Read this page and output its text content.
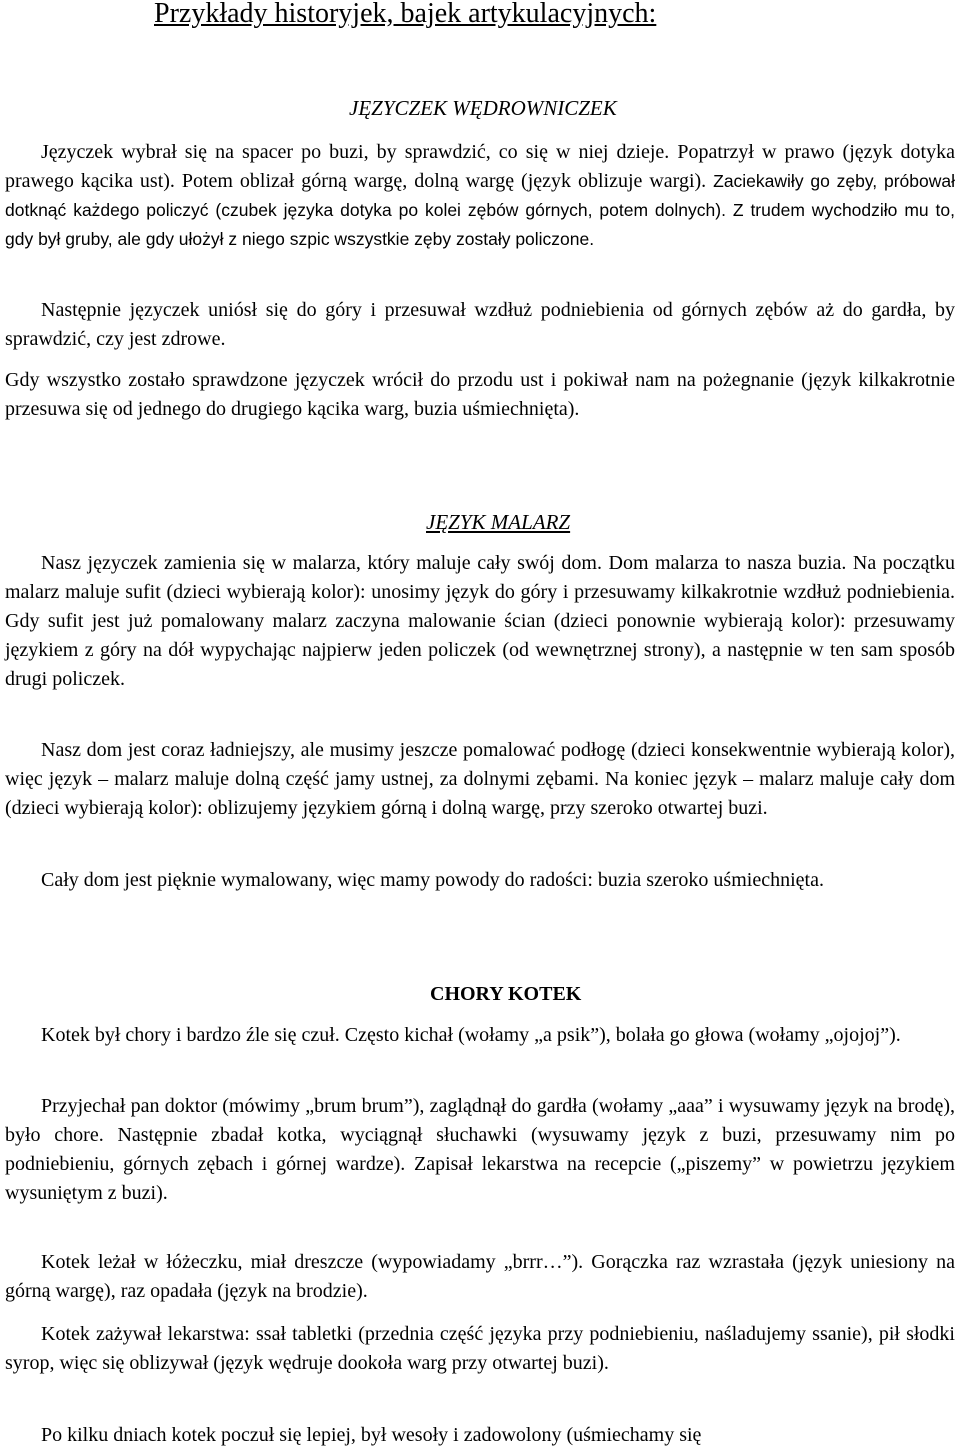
Przykłady historyjek, bajek artykulacyjnych:
JĘZYCZEK WĘDROWNICZEK

Języczek wybrał się na spacer po buzi, by sprawdzić, co się w niej dzieje. Popatrzył w prawo (język dotyka prawego kącika ust). Potem oblizał górną wargę, dolną wargę (język oblizuje wargi). Zaciekawiły go zęby, próbował dotknąć każdego policzyć (czubek języka dotyka po kolei zębów górnych, potem dolnych). Z trudem wychodziło mu to, gdy był gruby, ale gdy ułożył z niego szpic wszystkie zęby zostały policzone.

Następnie języczek uniósł się do góry i przesuwał wzdłuż podniebienia od górnych zębów aż do gardła, by sprawdzić, czy jest zdrowe.

Gdy wszystko zostało sprawdzone języczek wrócił do przodu ust i pokiwał nam na pożegnanie (język kilkakrotnie przesuwa się od jednego do drugiego kącika warg, buzia uśmiechnięta).

JĘZYK MALARZ

Nasz języczek zamienia się w malarza, który maluje cały swój dom. Dom malarza to nasza buzia. Na początku malarz maluje sufit (dzieci wybierają kolor): unosimy język do góry i przesuwamy kilkakrotnie wzdłuż podniebienia. Gdy sufit jest już pomalowany malarz zaczyna malowanie ścian (dzieci ponownie wybierają kolor): przesuwamy językiem z góry na dół wypychając najpierw jeden policzek (od wewnętrznej strony), a następnie w ten sam sposób drugi policzek.

Nasz dom jest coraz ładniejszy, ale musimy jeszcze pomalować podłogę (dzieci konsekwentnie wybierają kolor), więc język – malarz maluje dolną część jamy ustnej, za dolnymi zębami. Na koniec język – malarz maluje cały dom (dzieci wybierają kolor): oblizujemy językiem górną i dolną wargę, przy szeroko otwartej buzi.

Cały dom jest pięknie wymalowany, więc mamy powody do radości: buzia szeroko uśmiechnięta.

CHORY KOTEK

Kotek był chory i bardzo źle się czuł. Często kichał (wołamy „a psik”), bolała go głowa (wołamy „ojojoj”).

Przyjechał pan doktor (mówimy „brum brum”), zaglądnął do gardła (wołamy „aaa” i wysuwamy język na brodę), było chore. Następnie zbadał kotka, wyciągnął słuchawki (wysuwamy język z buzi, przesuwamy nim po podniebieniu, górnych zębach i górnej wardze). Zapisał lekarstwa na recepcie („piszemy” w powietrzu językiem wysuniętym z buzi).

Kotek leżał w łóżeczku, miał dreszcze (wypowiadamy „brrr…”). Gorączka raz wzrastała (język uniesiony na górną wargę), raz opadała (język na brodzie).

Kotek zażywał lekarstwa: ssał tabletki (przednia część języka przy podniebieniu, naśladujemy ssanie), pił słodki syrop, więc się oblizywał (język wędruje dookoła warg przy otwartej buzi).

Po kilku dniach kotek poczuł się lepiej, był wesoły i zadowolony (uśmiechamy się
